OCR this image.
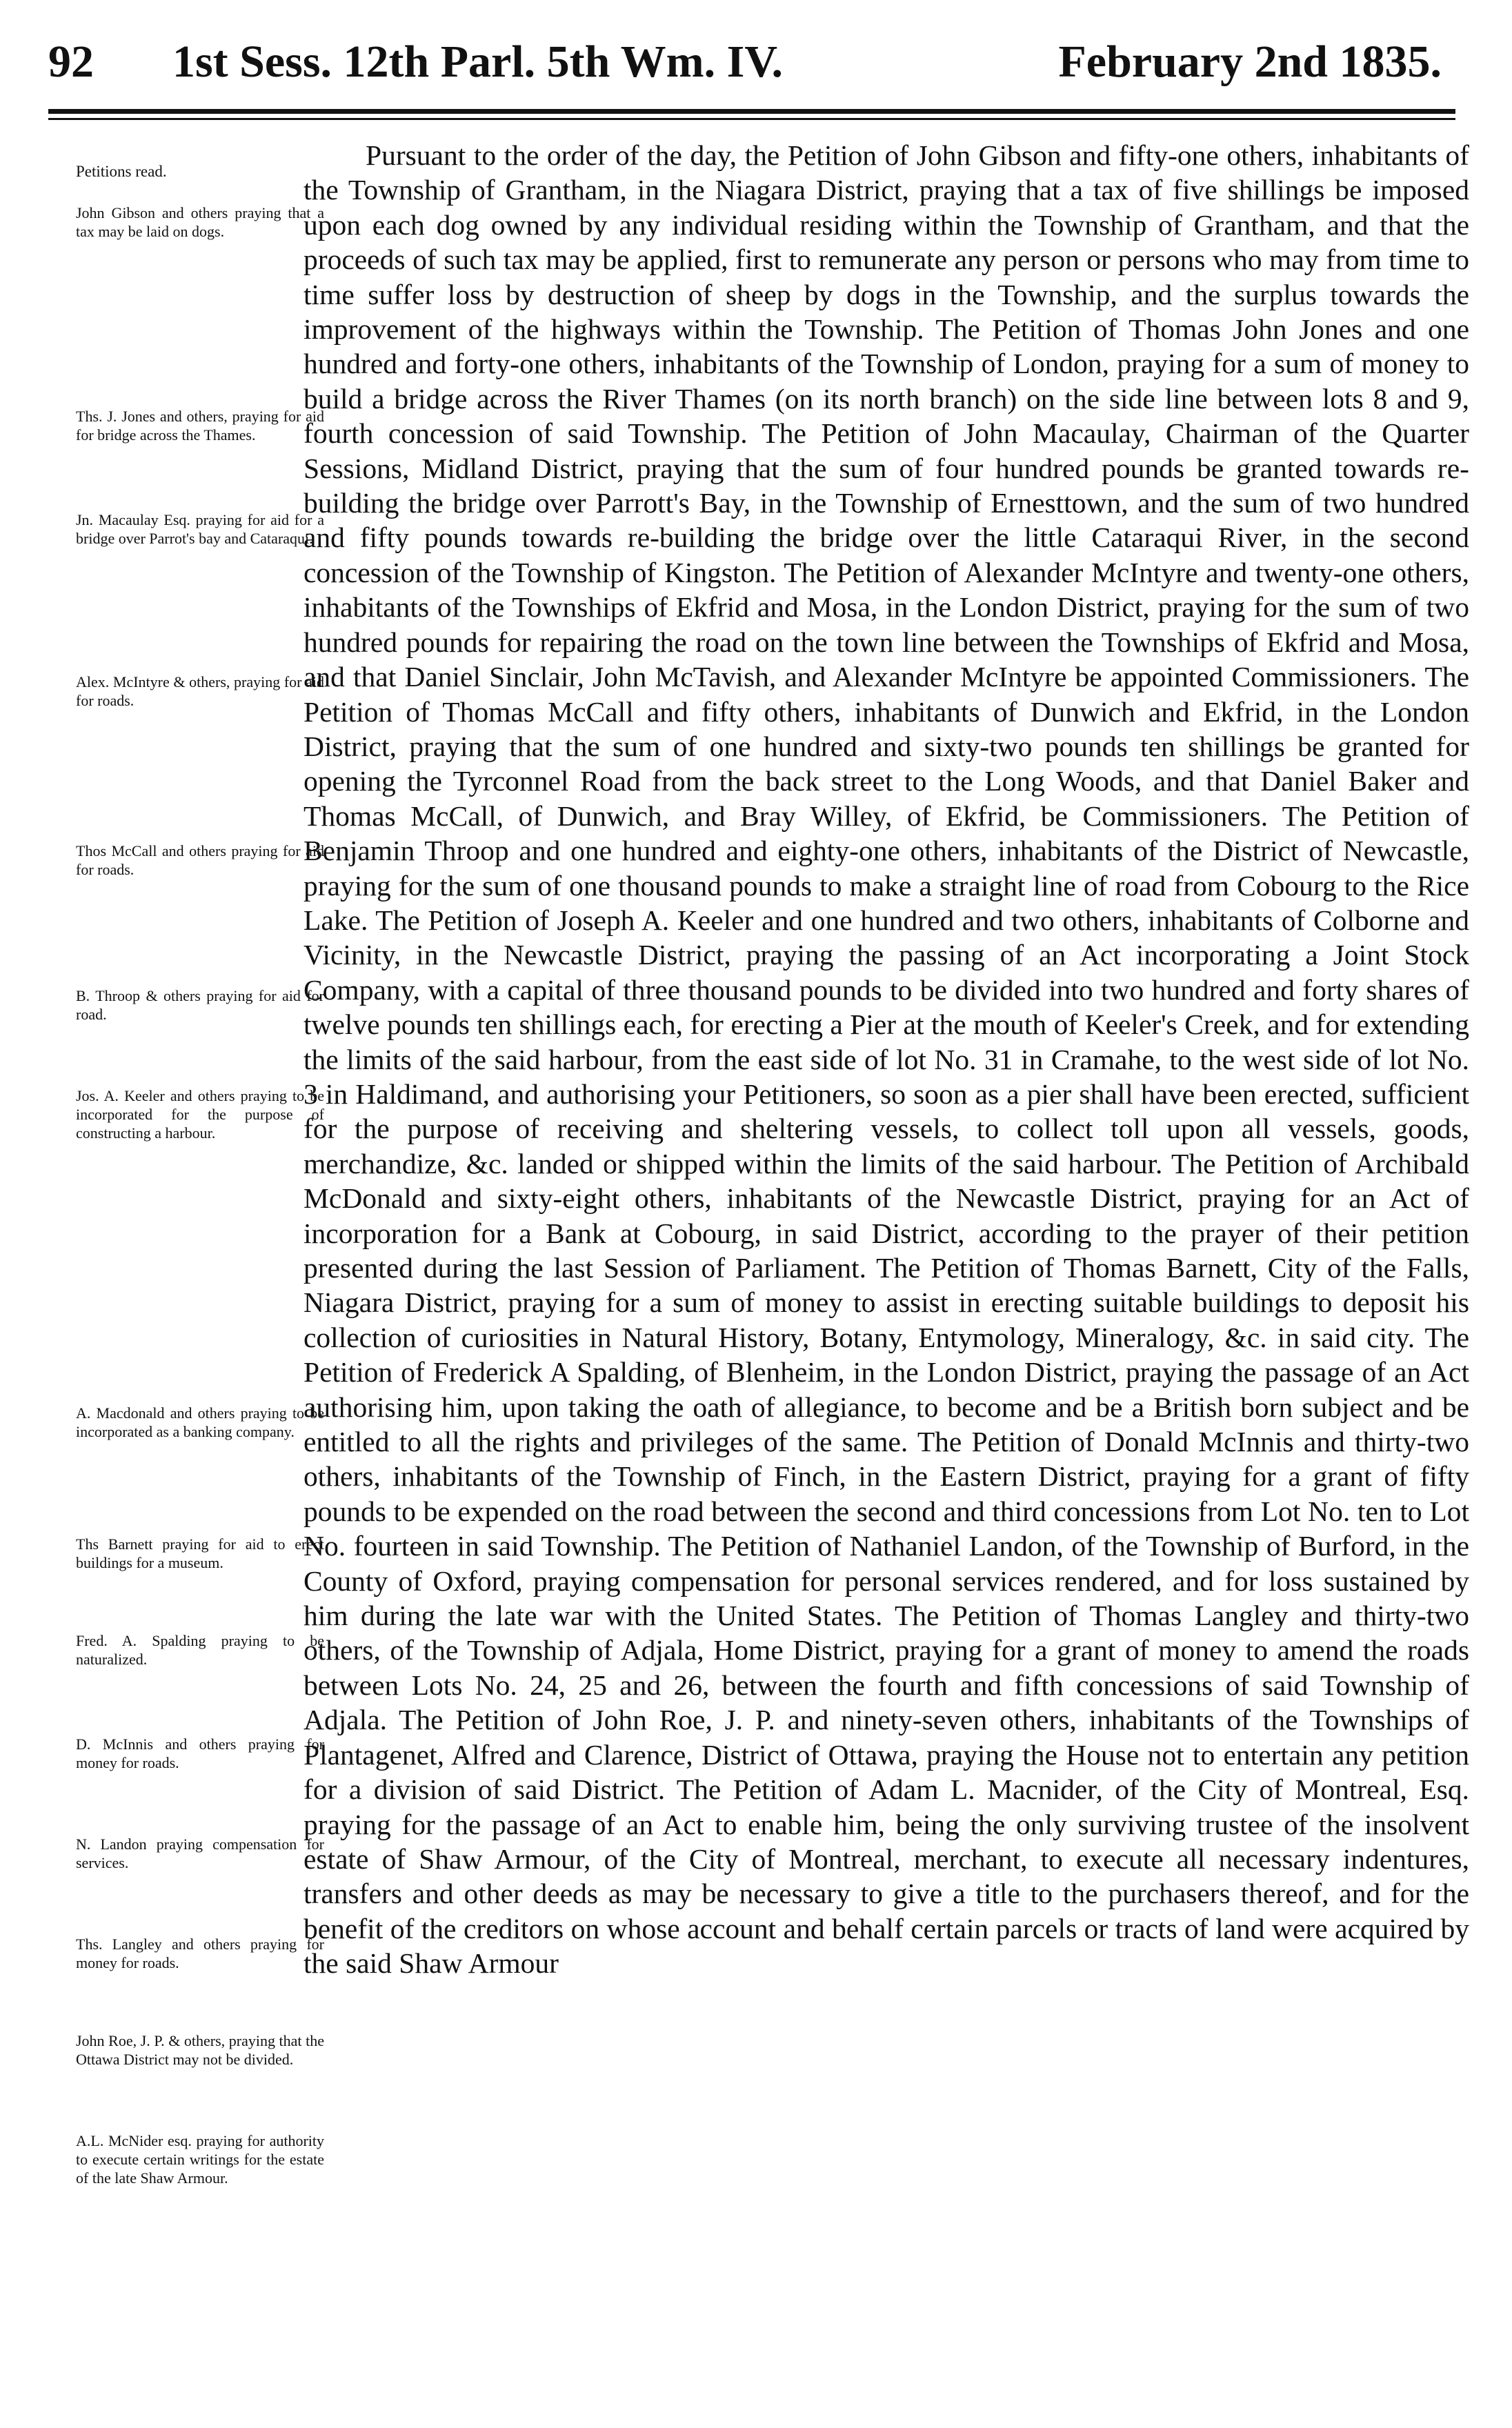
92 1st Sess. 12th Parl. 5th Wm. IV.	February 2nd 1835.
Petitions read.
John Gibson and others praying that a tax may be laid on dogs.
Ths. J. Jones and others, praying for aid for bridge across the Thames.
Jn. Macaulay Esq. praying for aid for a bridge over Parrot's bay and Cataraqui.
Alex. McIntyre & others, praying for aid for roads.
Thos McCall and others praying for aid for roads.
B. Throop & others praying for aid for road.
Jos. A. Keeler and others praying to be incorporated for the purpose of constructing a harbour.
A. Macdonald and others praying to be incorporated as a banking company.
Ths Barnett praying for aid to erect buildings for a museum.
Fred. A. Spalding praying to be naturalized.
D. McInnis and others praying for money for roads.
N. Landon praying compensation for services.
Ths. Langley and others praying for money for roads.
John Roe, J. P. & others, praying that the Ottawa District may not be divided.
A.L. McNider esq. praying for authority to execute certain writings for the estate of the late Shaw Armour.

Pursuant to the order of the day, the Petition of John Gibson and fifty-one others, inhabitants of the Township of Grantham, in the Niagara District, praying that a tax of five shillings be imposed upon each dog owned by any individual residing within the Township of Grantham, and that the proceeds of such tax may be applied, first to remunerate any person or persons who may from time to time suffer loss by destruction of sheep by dogs in the Township, and the surplus towards the improvement of the highways within the Township. The Petition of Thomas John Jones and one hundred and forty-one others, inhabitants of the Township of London, praying for a sum of money to build a bridge across the River Thames (on its north branch) on the side line between lots 8 and 9, fourth concession of said Township. The Petition of John Macaulay, Chairman of the Quarter Sessions, Midland District, praying that the sum of four hundred pounds be granted towards re-building the bridge over Parrott's Bay, in the Township of Ernesttown, and the sum of two hundred and fifty pounds towards re-building the bridge over the little Cataraqui River, in the second concession of the Township of Kingston. The Petition of Alexander McIntyre and twenty-one others, inhabitants of the Townships of Ekfrid and Mosa, in the London District, praying for the sum of two hundred pounds for repairing the road on the town line between the Townships of Ekfrid and Mosa, and that Daniel Sinclair, John McTavish, and Alexander McIntyre be appointed Commissioners. The Petition of Thomas McCall and fifty others, inhabitants of Dunwich and Ekfrid, in the London District, praying that the sum of one hundred and sixty-two pounds ten shillings be granted for opening the Tyrconnel Road from the back street to the Long Woods, and that Daniel Baker and Thomas McCall, of Dunwich, and Bray Willey, of Ekfrid, be Commissioners. The Petition of Benjamin Throop and one hundred and eighty-one others, inhabitants of the District of Newcastle, praying for the sum of one thousand pounds to make a straight line of road from Cobourg to the Rice Lake. The Petition of Joseph A. Keeler and one hundred and two others, inhabitants of Colborne and Vicinity, in the Newcastle District, praying the passing of an Act incorporating a Joint Stock Company, with a capital of three thousand pounds to be divided into two hundred and forty shares of twelve pounds ten shillings each, for erecting a Pier at the mouth of Keeler's Creek, and for extending the limits of the said harbour, from the east side of lot No. 31 in Cramahe, to the west side of lot No. 3 in Haldimand, and authorising your Petitioners, so soon as a pier shall have been erected, sufficient for the purpose of receiving and sheltering vessels, to collect toll upon all vessels, goods, merchandize, &c. landed or shipped within the limits of the said harbour. The Petition of Archibald McDonald and sixty-eight others, inhabitants of the Newcastle District, praying for an Act of incorporation for a Bank at Cobourg, in said District, according to the prayer of their petition presented during the last Session of Parliament. The Petition of Thomas Barnett, City of the Falls, Niagara District, praying for a sum of money to assist in erecting suitable buildings to deposit his collection of curiosities in Natural History, Botany, Entymology, Mineralogy, &c. in said city. The Petition of Frederick A Spalding, of Blenheim, in the London District, praying the passage of an Act authorising him, upon taking the oath of allegiance, to become and be a British born subject and be entitled to all the rights and privileges of the same. The Petition of Donald McInnis and thirty-two others, inhabitants of the Township of Finch, in the Eastern District, praying for a grant of fifty pounds to be expended on the road between the second and third concessions from Lot No. ten to Lot No. fourteen in said Township. The Petition of Nathaniel Landon, of the Township of Burford, in the County of Oxford, praying compensation for personal services rendered, and for loss sustained by him during the late war with the United States. The Petition of Thomas Langley and thirty-two others, of the Township of Adjala, Home District, praying for a grant of money to amend the roads between Lots No. 24, 25 and 26, between the fourth and fifth concessions of said Township of Adjala. The Petition of John Roe, J. P. and ninety-seven others, inhabitants of the Townships of Plantagenet, Alfred and Clarence, District of Ottawa, praying the House not to entertain any petition for a division of said District. The Petition of Adam L. Macnider, of the City of Montreal, Esq. praying for the passage of an Act to enable him, being the only surviving trustee of the insolvent estate of Shaw Armour, of the City of Montreal, merchant, to execute all necessary indentures, transfers and other deeds as may be necessary to give a title to the purchasers thereof, and for the benefit of the creditors on whose account and behalf certain parcels or tracts of land were acquired by the said Shaw Armour
